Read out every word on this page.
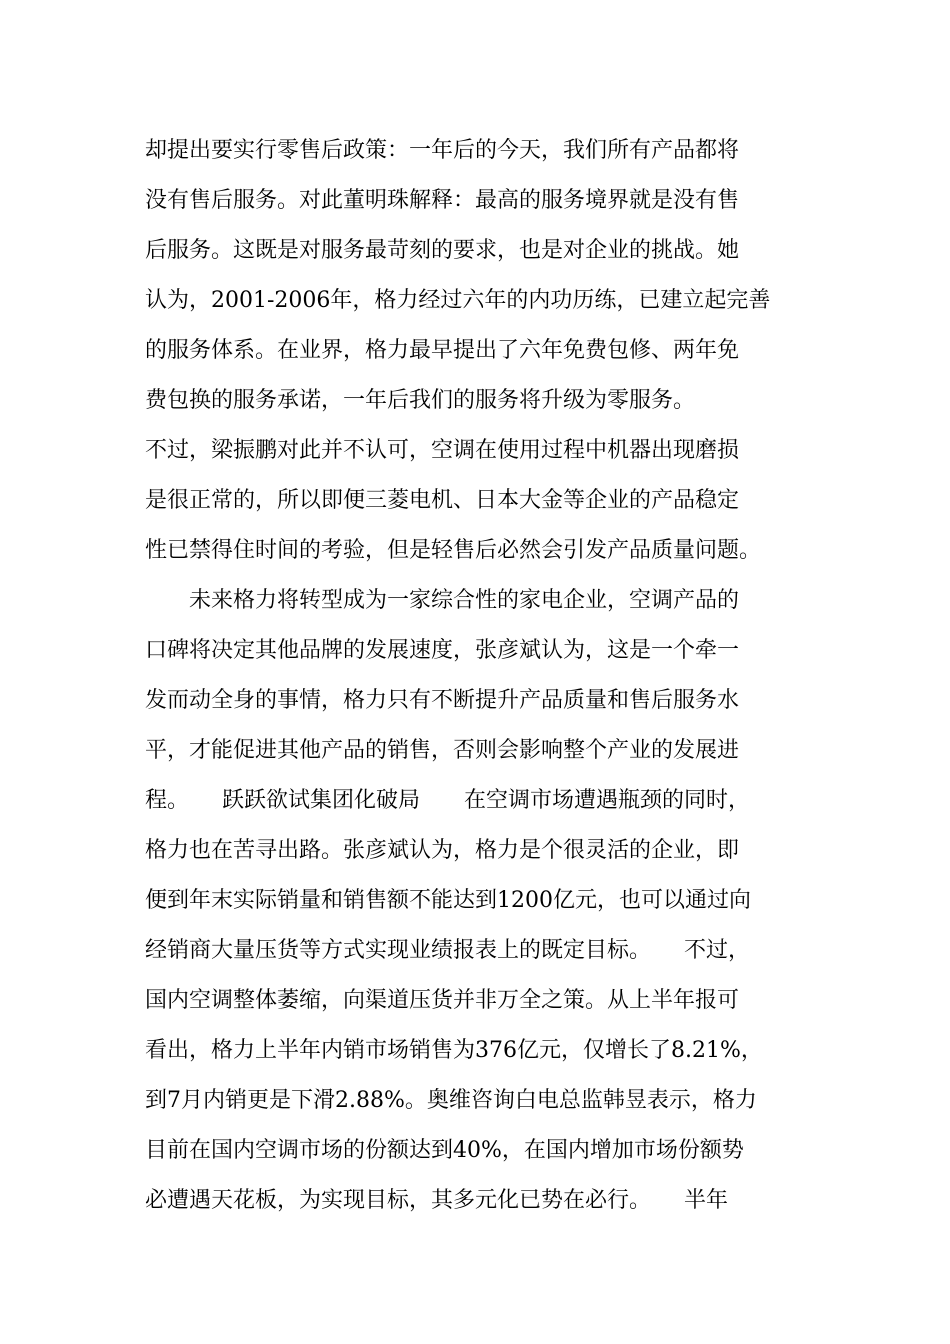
却提出要实行零售后政策：一年后的今天，我们所有产品都将
没有售后服务。对此董明珠解释：最高的服务境界就是没有售
后服务。这既是对服务最苛刻的要求，也是对企业的挑战。她
认为，2001-2006年，格力经过六年的内功历练，已建立起完善
的服务体系。在业界，格力最早提出了六年免费包修、两年免
费包换的服务承诺，一年后我们的服务将升级为零服务。
不过，梁振鹏对此并不认可，空调在使用过程中机器出现磨损
是很正常的，所以即便三菱电机、日本大金等企业的产品稳定
性已禁得住时间的考验，但是轻售后必然会引发产品质量问题。
　　未来格力将转型成为一家综合性的家电企业，空调产品的
口碑将决定其他品牌的发展速度，张彦斌认为，这是一个牵一
发而动全身的事情，格力只有不断提升产品质量和售后服务水
平，才能促进其他产品的销售，否则会影响整个产业的发展进
程。　　跃跃欲试集团化破局　　在空调市场遭遇瓶颈的同时，
格力也在苦寻出路。张彦斌认为，格力是个很灵活的企业，即
便到年末实际销量和销售额不能达到1200亿元，也可以通过向
经销商大量压货等方式实现业绩报表上的既定目标。　　不过，
国内空调整体萎缩，向渠道压货并非万全之策。从上半年报可
看出，格力上半年内销市场销售为376亿元，仅增长了8.21%，
到7月内销更是下滑2.88%。奥维咨询白电总监韩昱表示，格力
目前在国内空调市场的份额达到40%，在国内增加市场份额势
必遭遇天花板，为实现目标，其多元化已势在必行。　　半年
